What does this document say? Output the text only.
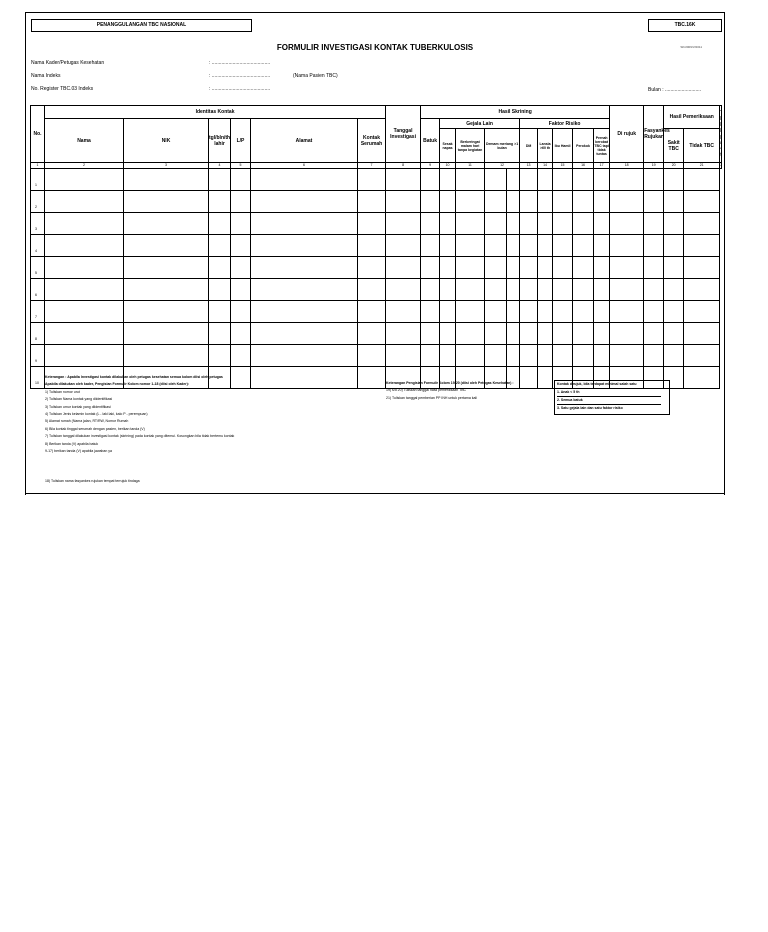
PENANGGULANGAN TBC NASIONAL	TBC.16K
SK/2009/V/2011
FORMULIR INVESTIGASI KONTAK TUBERKULOSIS
Nama Kader/Petugas Kesehatan	: ..........................................
Nama Indeks	: ..........................................	(Nama Pasien TBC)
No. Register TBC.03 Indeks	: ..........................................	Bulan : ..........................
No.	Identitas Kontak						Tanggal Investigasi	Hasil Skrining										Di rujuk	Fasyankes Rujukan	Hasil Pemeriksaan	
	Nama	NIK	tgl/bln/th lahir	L/P	Alamat	Kontak Serumah		Batuk	Gejala Lain				Faktor Risiko									
									Sesak napas	Berkeringat malam hari tanpa kegiatan	Demam meriang >1 bulan		DM	Lansia >60 th	Ibu Hamil	Perokok	Pernah berobat TBC tapi tidak tuntas			Sakit TBC	Tidak TBC	
1	2	3	4	5	6	7	8	9	10	11	12		13	14	15	16	17	18	19	20	21	
1																						
2																						
3																						
4																						
5																						
6																						
7																						
8																						
9																						
10																						
Keterangan : Apabila Investigasi kontak dilakukan oleh petugas kesehatan semua kolom diisi oleh petugas
Apabila dilakukan oleh kader, Pengisian Formulir Kolom nomor 1-18 (diisi oleh Kader):
1) Tuliskan nomor urut
2) Tuliskan Nama kontak yang diidentifikasi
3) Tuliskan umur kontak yang diidentifikasi
4) Tuliskan Jenis kelamin kontak (L - laki laki, kalo P - perempuan)
5) Alamat rumah (Nama jalan, RT/RW, Nomor Rumah
6) Bila kontak tinggal serumah dengan pasien, berikan tanda (V)
7) Tuliskan tanggal dilakukan investigasi kontak (skrining) pada kontak yang ditemui. Kosongkan bila tidak bertemu kontak
8) Berikan tanda (V) apabila batuk
9-17) berikan tanda (V) apabila jawaban ya
Keterangan Pengisian Formulir Kolom 19-20 (diisi oleh Petugas Kesehatan) :
19) s/d 20) Tuliskan tanggal hasil pemeriksaan TBC
21) Tuliskan tanggal pemberian PP INH untuk pertama kali
Kontak dirujuk, bila terdapat minimal salah satu
1. Anak < 5 th
2. Semua batuk
3. Satu gejala lain dan satu faktor risiko
18) Tuliskan nama fasyankes rujukan tempat terrujuk tindaga
